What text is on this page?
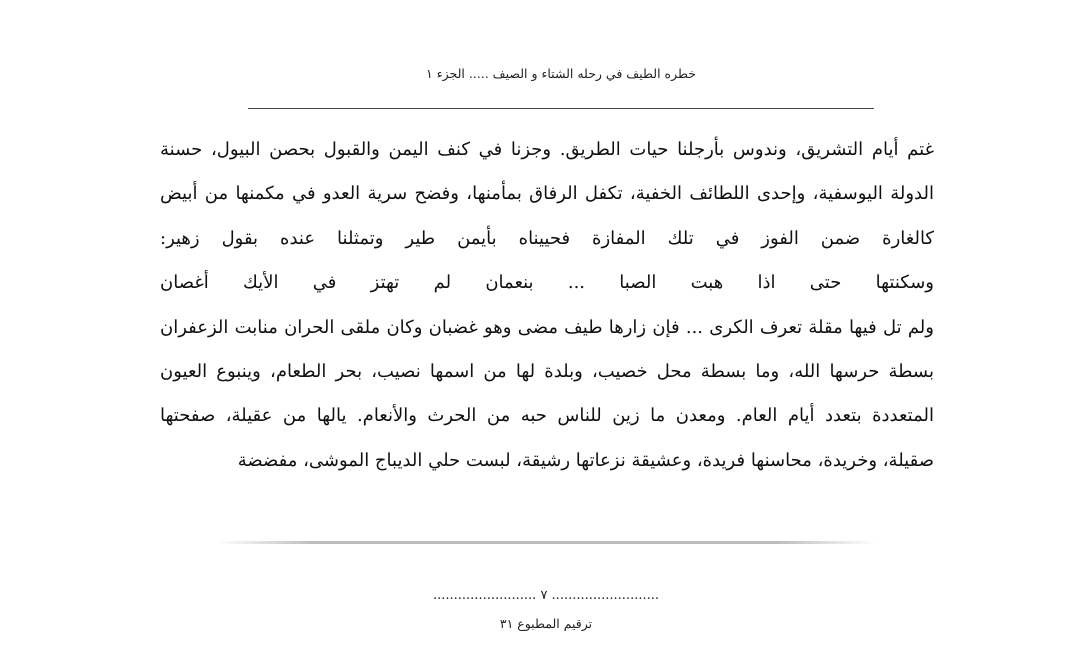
خطره الطيف في رحله الشتاء و الصيف ..... الجزء ١
غتم أيام التشريق، وندوس بأرجلنا حيات الطريق. وجزنا في كنف اليمن والقبول بحصن البيول، حسنة
الدولة اليوسفية، وإحدى اللطائف الخفية، تكفل الرفاق بمأمنها، وفضح سرية العدو في مكمنها من أبيض
كالغارة ضمن الفوز في تلك المفازة فحييناه بأيمن طير وتمثلنا عنده بقول زهير:
وسكنتها حتى اذا هبت الصبا ... بنعمان لم تهتز في الأيك أغصان
ولم تل فيها مقلة تعرف الكرى ... فإن زارها طيف مضى وهو غضبان وكان ملقى الحران منابت الزعفران
بسطة حرسها الله، وما بسطة محل خصيب، وبلدة لها من اسمها نصيب، بحر الطعام، وينبوع العيون
المتعددة بتعدد أيام العام. ومعدن ما زين للناس حبه من الحرث والأنعام. يالها من عقيلة، صفحتها
صقيلة، وخريدة، محاسنها فريدة، وعشيقة نزعاتها رشيقة، لبست حلي الديباج الموشى، مفضضة
.......................... ٧ .........................
ترقيم المطبوع ٣١
